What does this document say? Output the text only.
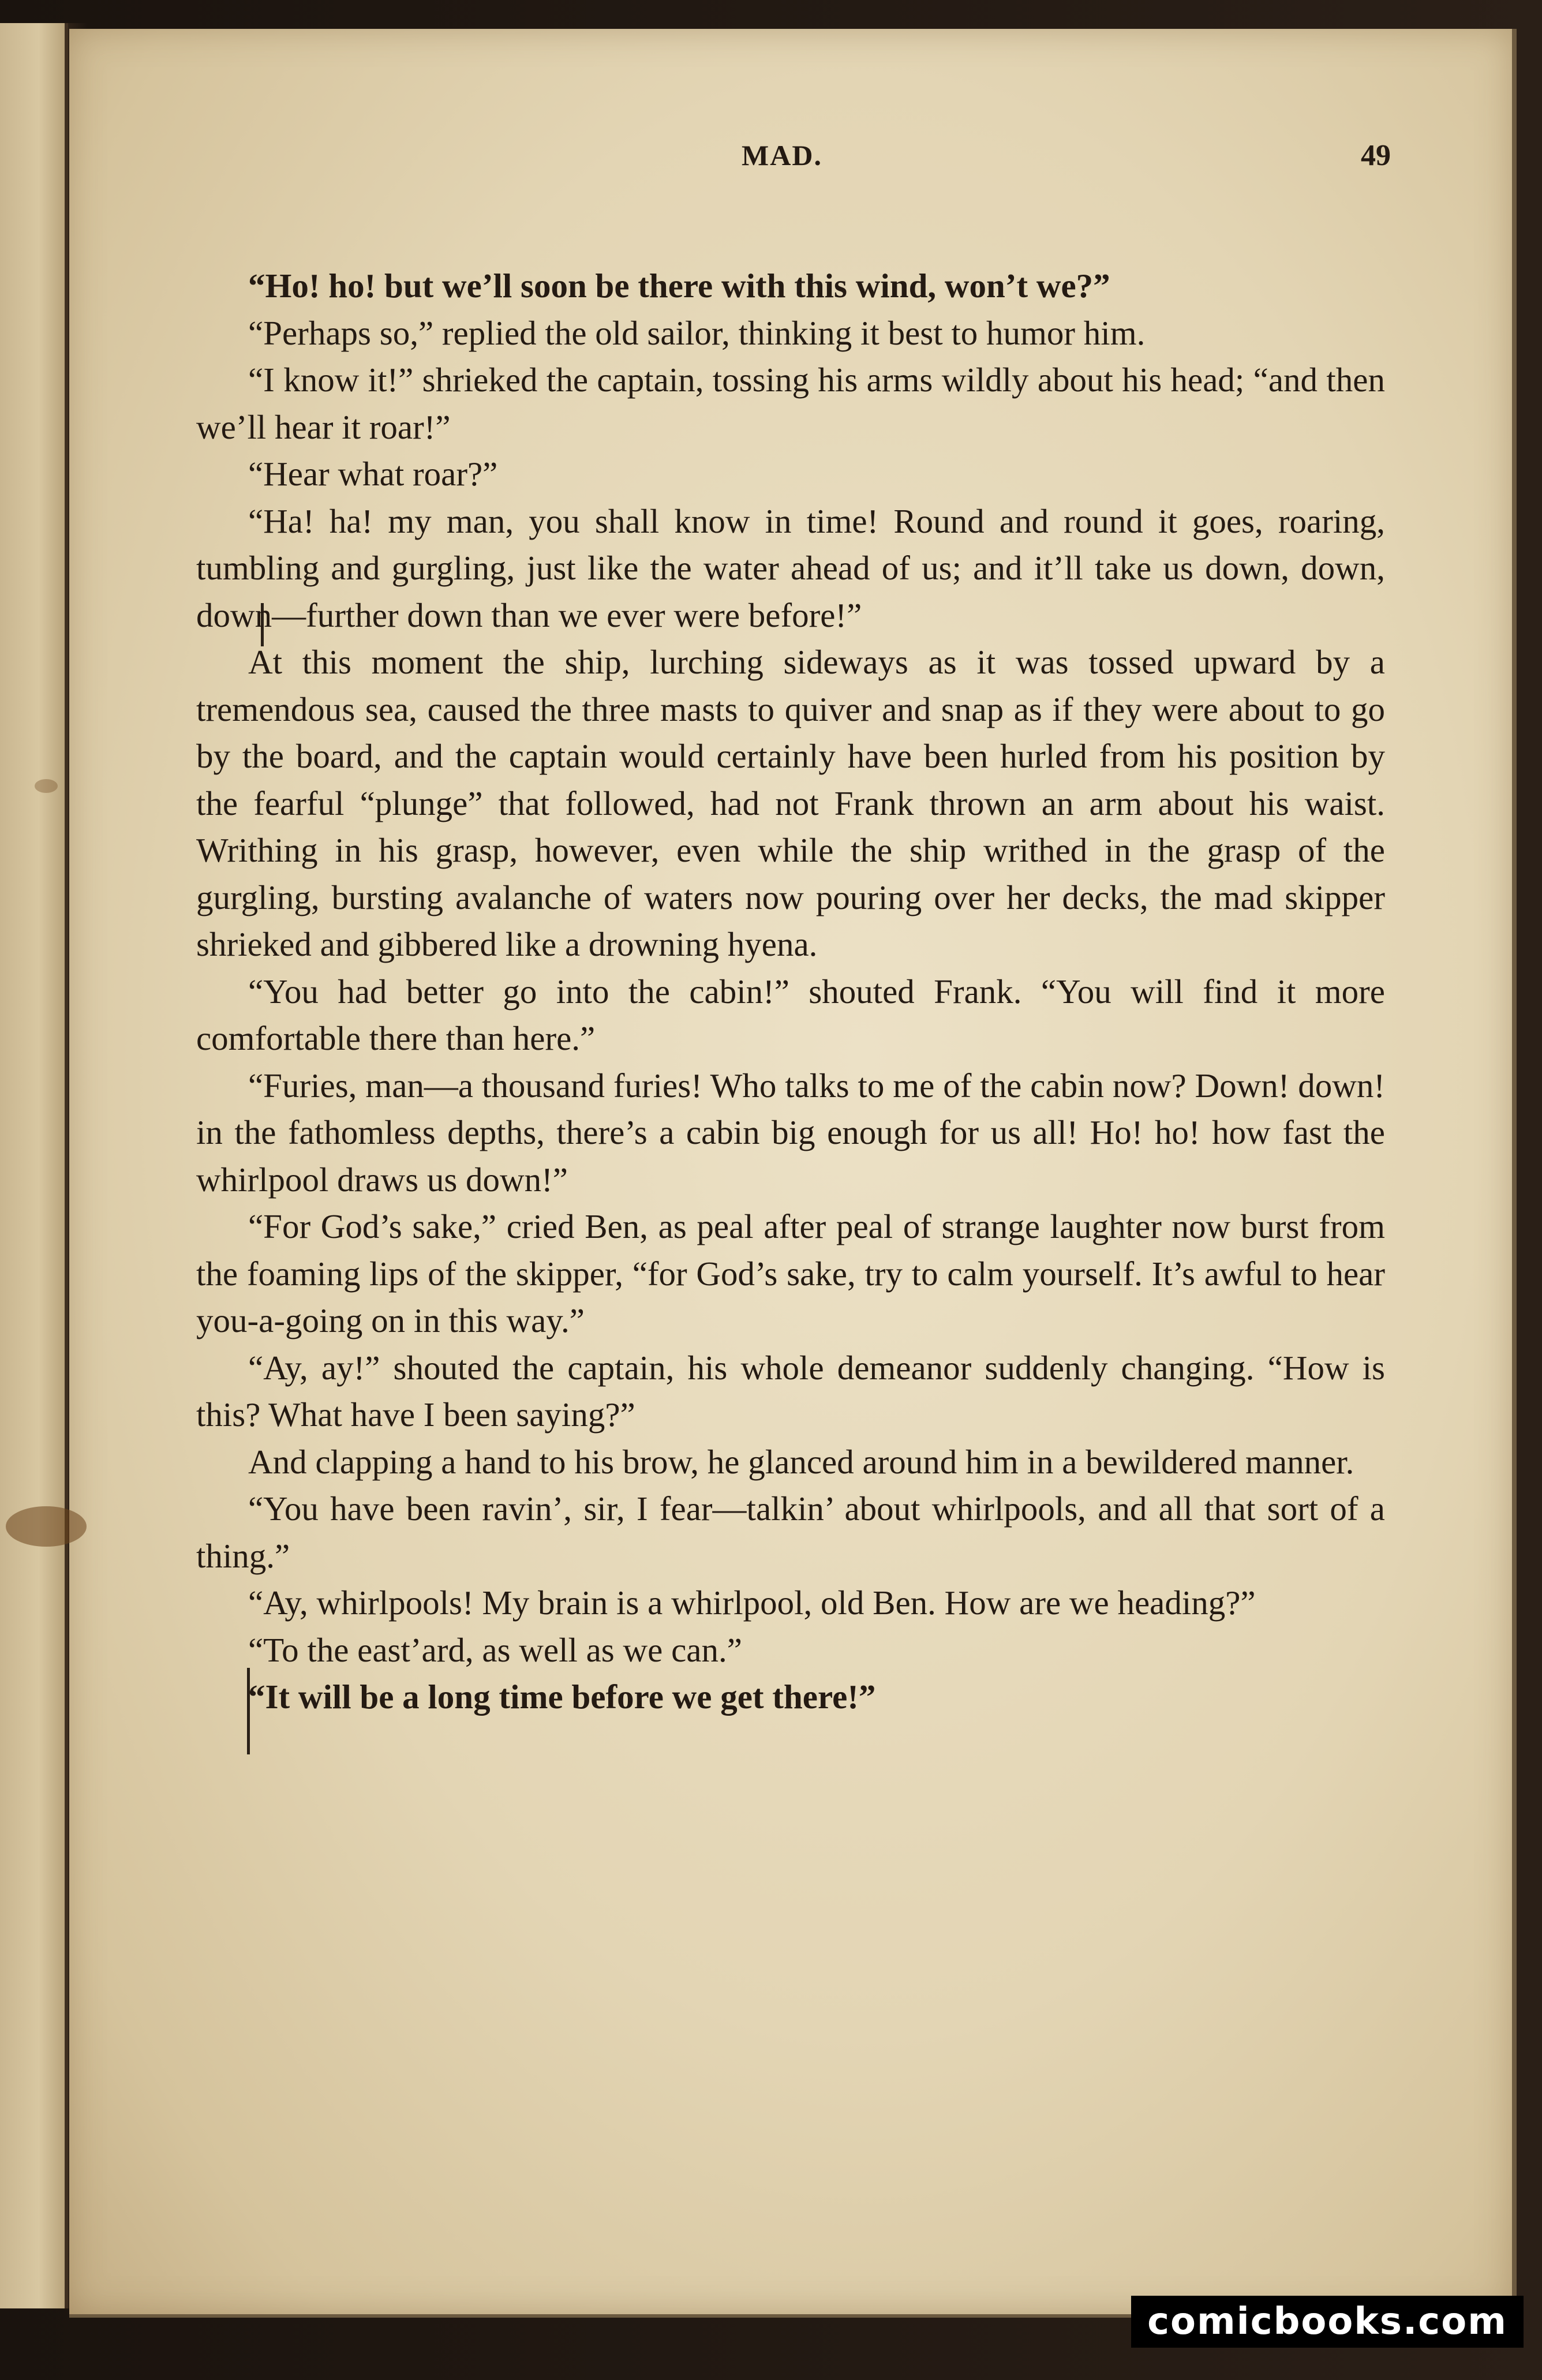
MAD.	49

“Ho! ho! but we’ll soon be there with this wind, won’t we?”

“Perhaps so,” replied the old sailor, thinking it best to humor him.

“I know it!” shrieked the captain, tossing his arms wildly about his head; “and then we’ll hear it roar!”

“Hear what roar?”

“Ha! ha! my man, you shall know in time! Round and round it goes, roaring, tumbling and gurgling, just like the water ahead of us; and it’ll take us down, down, down—further down than we ever were before!”

At this moment the ship, lurching sideways as it was tossed upward by a tremendous sea, caused the three masts to quiver and snap as if they were about to go by the board, and the captain would certainly have been hurled from his position by the fearful “plunge” that followed, had not Frank thrown an arm about his waist. Writhing in his grasp, however, even while the ship writhed in the grasp of the gurgling, bursting avalanche of waters now pouring over her decks, the mad skipper shrieked and gibbered like a drowning hyena.

“You had better go into the cabin!” shouted Frank. “You will find it more comfortable there than here.”

“Furies, man—a thousand furies! Who talks to me of the cabin now? Down! down! in the fathomless depths, there’s a cabin big enough for us all! Ho! ho! how fast the whirlpool draws us down!”

“For God’s sake,” cried Ben, as peal after peal of strange laughter now burst from the foaming lips of the skipper, “for God’s sake, try to calm yourself. It’s awful to hear you-a-going on in this way.”

“Ay, ay!” shouted the captain, his whole demeanor suddenly changing. “How is this? What have I been saying?”

And clapping a hand to his brow, he glanced around him in a bewildered manner.

“You have been ravin’, sir, I fear—talkin’ about whirlpools, and all that sort of a thing.”

“Ay, whirlpools! My brain is a whirlpool, old Ben. How are we heading?”

“To the east’ard, as well as we can.”

“It will be a long time before we get there!”

comicbooks.com
